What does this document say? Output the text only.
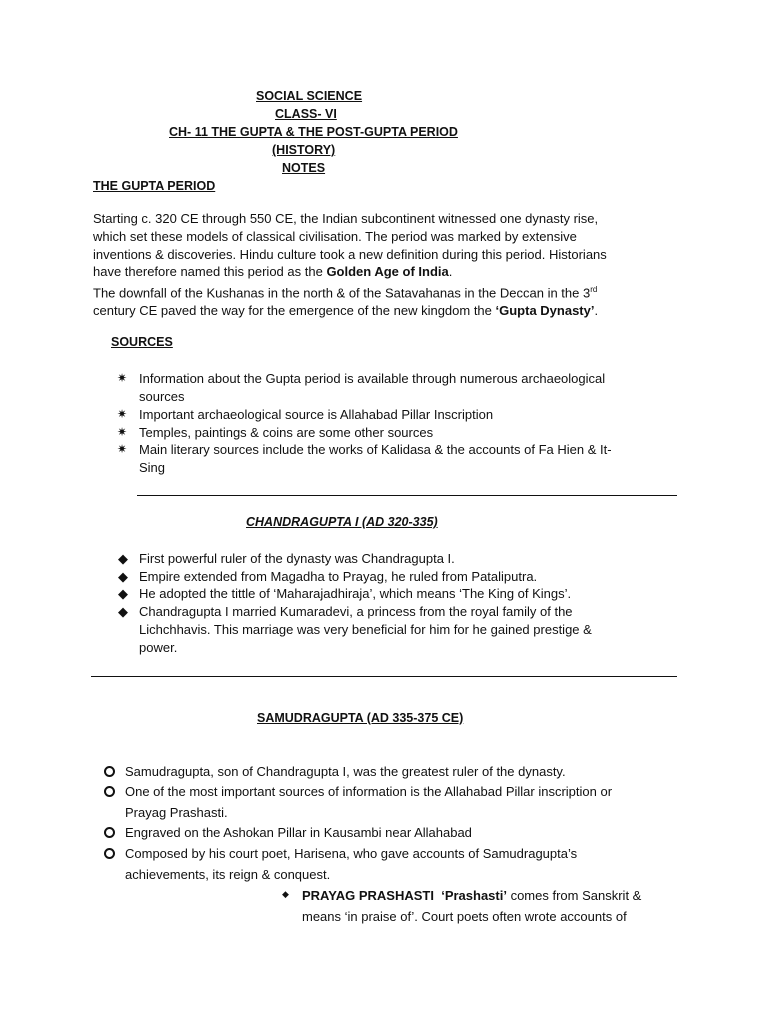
SOCIAL SCIENCE
CLASS- VI
CH- 11 THE GUPTA & THE POST-GUPTA PERIOD
(HISTORY)
NOTES
THE GUPTA PERIOD
Starting c. 320 CE through 550 CE, the Indian subcontinent witnessed one dynasty rise,
which set these models of classical civilisation. The period was marked by extensive
inventions & discoveries. Hindu culture took a new definition during this period. Historians
have therefore named this period as the Golden Age of India.
The downfall of the Kushanas in the north & of the Satavahanas in the Deccan in the 3rd
century CE paved the way for the emergence of the new kingdom the ‘Gupta Dynasty’.
SOURCES
✷ Information about the Gupta period is available through numerous archaeological
sources
✷ Important archaeological source is Allahabad Pillar Inscription
✷ Temples, paintings & coins are some other sources
✷ Main literary sources include the works of Kalidasa & the accounts of Fa Hien & It-
Sing
CHANDRAGUPTA I (AD 320-335)
◆ First powerful ruler of the dynasty was Chandragupta I.
◆ Empire extended from Magadha to Prayag, he ruled from Pataliputra.
◆ He adopted the tittle of ‘Maharajadhiraja’, which means ‘The King of Kings’.
◆ Chandragupta I married Kumaradevi, a princess from the royal family of the
Lichchhavis. This marriage was very beneficial for him for he gained prestige &
power.
SAMUDRAGUPTA (AD 335-375 CE)
Samudragupta, son of Chandragupta I, was the greatest ruler of the dynasty.
One of the most important sources of information is the Allahabad Pillar inscription or
Prayag Prashasti.
Engraved on the Ashokan Pillar in Kausambi near Allahabad
Composed by his court poet, Harisena, who gave accounts of Samudragupta’s
achievements, its reign & conquest.
◆ PRAYAG PRASHASTI ‘Prashasti’ comes from Sanskrit &
means ‘in praise of’. Court poets often wrote accounts of
